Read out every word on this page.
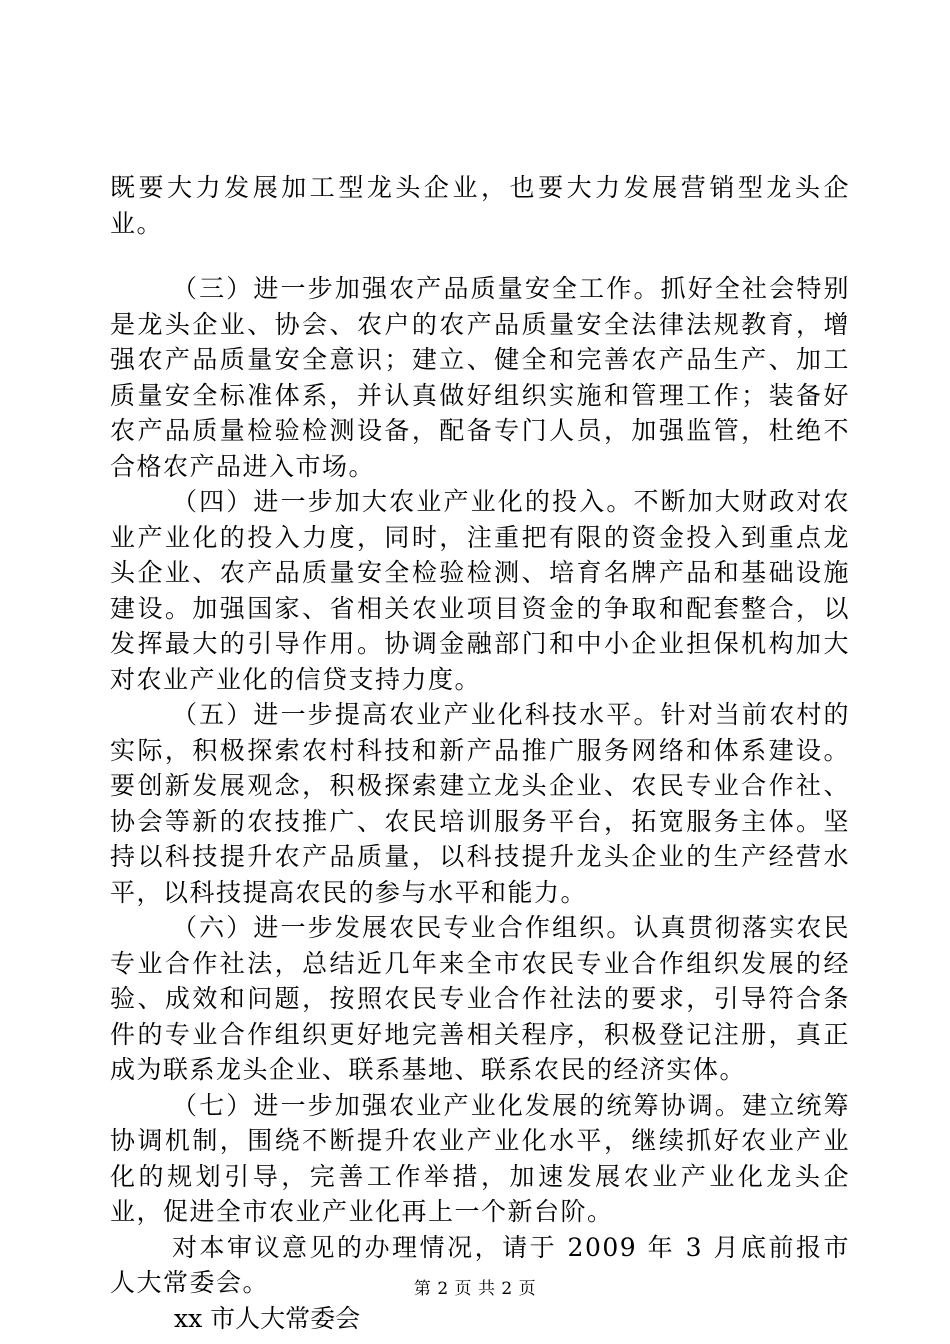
既要大力发展加工型龙头企业，也要大力发展营销型龙头企业。

（三）进一步加强农产品质量安全工作。抓好全社会特别是龙头企业、协会、农户的农产品质量安全法律法规教育，增强农产品质量安全意识；建立、健全和完善农产品生产、加工质量安全标准体系，并认真做好组织实施和管理工作；装备好农产品质量检验检测设备，配备专门人员，加强监管，杜绝不合格农产品进入市场。

（四）进一步加大农业产业化的投入。不断加大财政对农业产业化的投入力度，同时，注重把有限的资金投入到重点龙头企业、农产品质量安全检验检测、培育名牌产品和基础设施建设。加强国家、省相关农业项目资金的争取和配套整合，以发挥最大的引导作用。协调金融部门和中小企业担保机构加大对农业产业化的信贷支持力度。

（五）进一步提高农业产业化科技水平。针对当前农村的实际，积极探索农村科技和新产品推广服务网络和体系建设。要创新发展观念，积极探索建立龙头企业、农民专业合作社、协会等新的农技推广、农民培训服务平台，拓宽服务主体。坚持以科技提升农产品质量，以科技提升龙头企业的生产经营水平，以科技提高农民的参与水平和能力。

（六）进一步发展农民专业合作组织。认真贯彻落实农民专业合作社法，总结近几年来全市农民专业合作组织发展的经验、成效和问题，按照农民专业合作社法的要求，引导符合条件的专业合作组织更好地完善相关程序，积极登记注册，真正成为联系龙头企业、联系基地、联系农民的经济实体。

（七）进一步加强农业产业化发展的统筹协调。建立统筹协调机制，围绕不断提升农业产业化水平，继续抓好农业产业化的规划引导，完善工作举措，加速发展农业产业化龙头企业，促进全市农业产业化再上一个新台阶。

对本审议意见的办理情况，请于 2009 年 3 月底前报市人大常委会。

xx 市人大常委会

第 2 页 共 2 页
